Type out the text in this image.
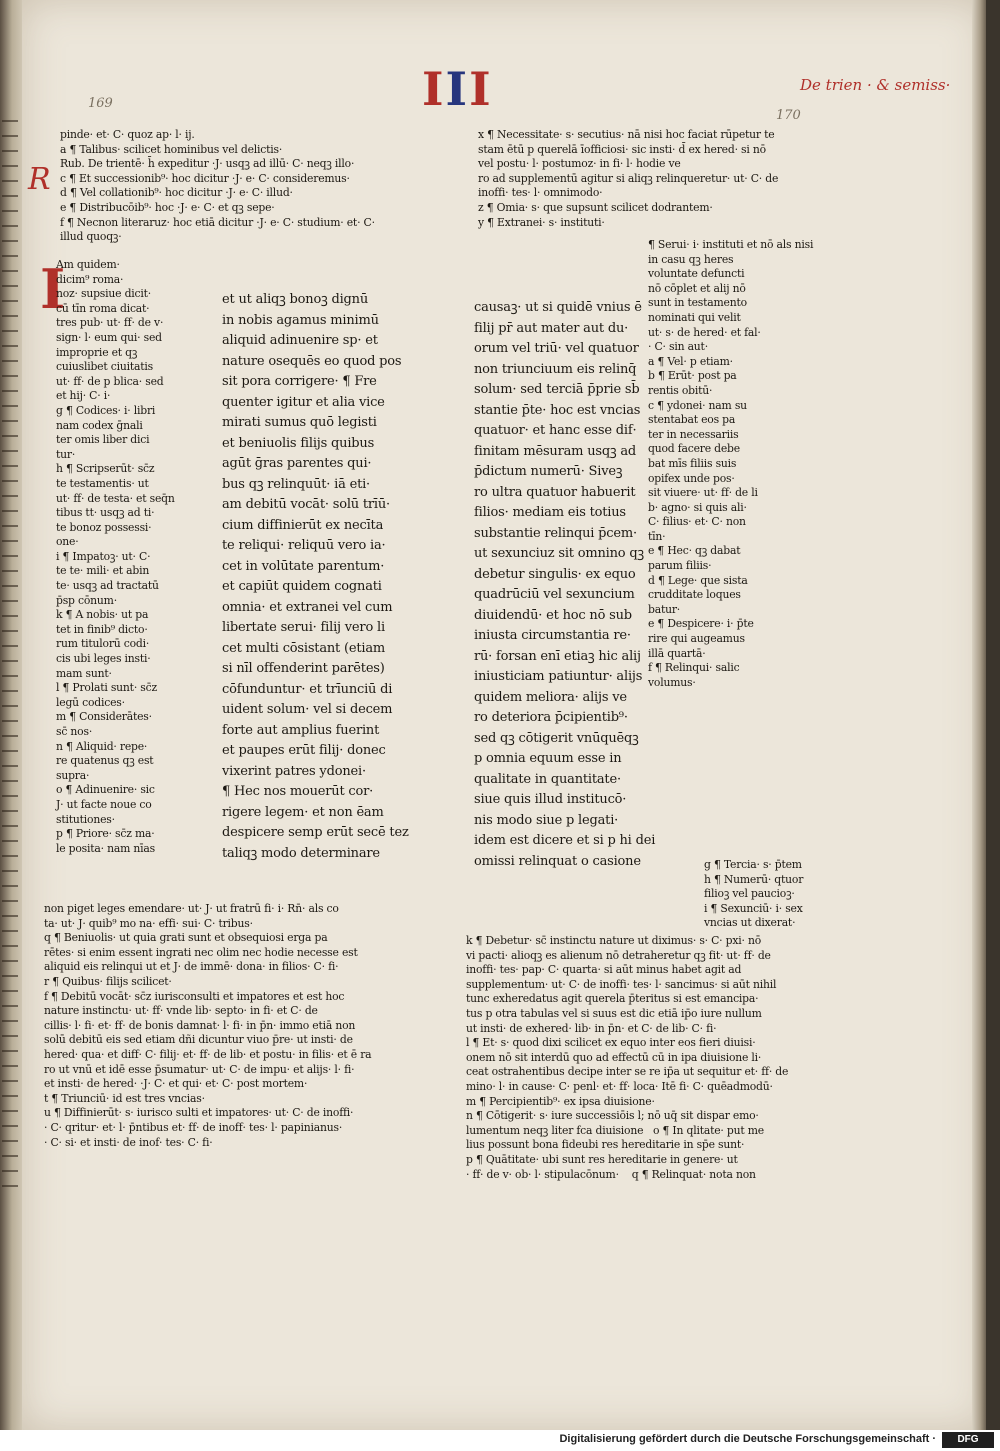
III
169
170
De trien · & semiss·
R
I
pinde· et· C· quoz ap· l· ij.
a ¶ Talibus· scilicet hominibus vel delictis·
Rub. De trientē· h̄ expeditur ·J· usqꝫ ad illū· C· neqꝫ illo·
c ¶ Et successionib⁹· hoc dicitur ·J· e· C· consideremus·
d ¶ Vel collationib⁹· hoc dicitur ·J· e· C· illud·
e ¶ Distribucōib⁹· hoc ·J· e· C· et qꝫ sepe·
f ¶ Necnon literaruz· hoc etiā dicitur ·J· e· C· studium· et· C·
illud quoqꝫ·
x ¶ Necessitate· s· secutius· nā nisi hoc faciat rūpetur te
stam ētū p querelā īofficiosi· sic insti· d̄ ex hered· si nō
vel postu· l· postumoz· in fi· l· hodie ve
ro ad supplementū agitur si aliqꝫ relinqueretur· ut· C· de
inoffi· tes· l· omnimodo·
z ¶ Omia· s· que supsunt scilicet dodrantem·
y ¶ Extranei· s· instituti·
Am quidem·
dicim⁹ roma·
noz· supsiue dicit·
cū tīn roma dicat·
tres pub· ut· ff· de v·
sign· l· eum qui· sed
improprie et qꝫ
cuiuslibet ciuitatis
ut· ff· de p blica· sed
et hij· C· i·
g ¶ Codices· i· libri
nam codex ḡnali
ter omis liber dici
tur·
h ¶ Scripserūt· sc̄z
te testamentis· ut
ut· ff· de testa· et seq̄n
tibus tt· usqꝫ ad ti·
te bonoz possessi·
one·
i ¶ Impatoꝫ· ut· C·
te te· mili· et abin
te· usqꝫ ad tractatū
p̄sp cōnum·
k ¶ A nobis· ut pa
tet in finib⁹ dicto·
rum titulorū codi·
cis ubi leges insti·
mam sunt·
l ¶ Prolati sunt· sc̄z
legū codices·
m ¶ Considerātes·
sc̄ nos·
n ¶ Aliquid· repe·
re quatenus qꝫ est
supra·
o ¶ Adinuenire· sic
J· ut facte noue co
stitutiones·
p ¶ Priore· sc̄z ma·
le posita· nam nīas
et ut aliqꝫ bonoꝫ dignū
in nobis agamus minimū
aliquid adinuenire sp· et
nature osequēs eo quod pos
sit pora corrigere· ¶ Fre
quenter igitur et alia vice
mirati sumus quō legisti
et beniuolis filijs quibus
agūt ḡras parentes qui·
bus qꝫ relinquūt· iā eti·
am debitū vocāt· solū trīū·
cium diffinierūt ex necīta
te reliqui· reliquū vero ia·
cet in volūtate parentum·
et capiūt quidem cognati
omnia· et extranei vel cum
libertate serui· filij vero li
cet multi cōsistant (etiam
si nīl offenderint parētes)
cōfunduntur· et trīunciū di
uident solum· vel si decem
forte aut amplius fuerint
et paupes erūt filij· donec
vixerint patres ydonei·
¶ Hec nos mouerūt cor·
rigere legem· et non ēam
despicere semp erūt secē tez
taliqꝫ modo determinare
causaꝫ· ut si quidē vnius ē
filij pr̄ aut mater aut du·
orum vel triū· vel quatuor
non triunciuum eis relinq̄
solum· sed terciā p̄prie sb̄
stantie p̄te· hoc est vncias
quatuor· et hanc esse dif·
finitam mēsuram usqꝫ ad
p̄dictum numerū· Siveꝫ
ro ultra quatuor habuerit
filios· mediam eis totius
substantie relinqui p̄cem·
ut sexunciuz sit omnino qꝫ
debetur singulis· ex equo
quadrūciū vel sexuncium
diuidendū· et hoc nō sub
iniusta circumstantia re·
rū· forsan enī etiaꝫ hic alij
iniusticiam patiuntur· alijs
quidem meliora· alijs ve
ro deteriora p̄cipientib⁹·
sed qꝫ cōtigerit vnūquēqꝫ
p omnia equum esse in
qualitate in quantitate·
siue quis illud institucō·
nis modo siue p legati·
idem est dicere et si p hi dei
omissi relinquat o casione
¶ Serui· i· instituti et nō als nisi
in casu qꝫ heres
voluntate defuncti
nō cōplet et alij nō
sunt in testamento
nominati qui velit
ut· s· de hered· et fal·
· C· sin aut·
a ¶ Vel· p etiam·
b ¶ Erūt· post pa
rentis obitū·
c ¶ ydonei· nam su
stentabat eos pa
ter in necessariis
quod facere debe
bat mīs filiis suis
opifex unde pos·
sit viuere· ut· ff· de li
b· agno· si quis ali·
C· filius· et· C· non
tīn·
e ¶ Hec· qꝫ dabat
parum filiis·
d ¶ Lege· que sista
crudditate loques
batur·
e ¶ Despicere· i· p̄te
rire qui augeamus
illā quartā·
f ¶ Relinqui· salic
volumus·
g ¶ Tercia· s· p̄tem
h ¶ Numerū· qtuor
filioꝫ vel paucioꝫ·
i ¶ Sexunciū· i· sex
vncias ut dixerat·
non piget leges emendare· ut· J· ut fratrū fi· i· Rn̄· als co
ta· ut· J· quib⁹ mo na· effi· sui· C· tribus·
q ¶ Beniuolis· ut quia grati sunt et obsequiosi erga pa
rētes· si enim essent ingrati nec olim nec hodie necesse est
aliquid eis relinqui ut et J· de immē· dona· in filios· C· fi·
r ¶ Quibus· filijs scilicet·
f ¶ Debitū vocāt· sc̄z iurisconsulti et impatores et est hoc
nature instinctu· ut· ff· vnde lib· septo· in fi· et C· de
cillis· l· fi· et· ff· de bonis damnat· l· fi· in p̄n· immo etiā non
solū debitū eis sed etiam dñi dicuntur viuo p̄re· ut insti· de
hered· qua· et diff· C· filij· et· ff· de lib· et postu· in filis· et ē ra
ro ut vnū et idē esse p̄sumatur· ut· C· de impu· et alijs· l· fi·
et insti· de hered· ·J· C· et qui· et· C· post mortem·
t ¶ Triunciū· id est tres vncias·
u ¶ Diffinierūt· s· iurisco sulti et impatores· ut· C· de inoffi·
· C· qritur· et· l· p̄ntibus et· ff· de inoff· tes· l· papinianus·
· C· si· et insti· de inof· tes· C· fi·
k ¶ Debetur· sc̄ instinctu nature ut diximus· s· C· pxi· nō
vi pacti· alioqꝫ es alienum nō detraheretur qꝫ fit· ut· ff· de
inoffi· tes· pap· C· quarta· si aūt minus habet agit ad
supplementum· ut· C· de inoffi· tes· l· sancimus· si aūt nihil
tunc exheredatus agit querela p̄teritus si est emancipa·
tus p otra tabulas vel si suus est dic etiā ip̄o iure nullum
ut insti· de exhered· lib· in p̄n· et C· de lib· C· fi·
l ¶ Et· s· quod dixi scilicet ex equo inter eos fieri diuisi·
onem nō sit interdū quo ad effectū cū in ipa diuisione li·
ceat ostrahentibus decipe inter se re ip̄a ut sequitur et· ff· de
mino· l· in cause· C· penl· et· ff· loca· Itē fi· C· quēadmodū·
m ¶ Percipientib⁹· ex ipsa diuisione·
n ¶ Cōtigerit· s· iure successiōis l; nō uq̄ sit dispar emo·
lumentum neqꝫ liter fca diuisione   o ¶ In qlitate· put me
lius possunt bona fideubi res hereditarie in sp̄e sunt·
p ¶ Quātitate· ubi sunt res hereditarie in genere· ut
· ff· de v· ob· l· stipulacōnum·    q ¶ Relinquat· nota non
Digitalisierung gefördert durch die Deutsche Forschungsgemeinschaft ·	DFG
